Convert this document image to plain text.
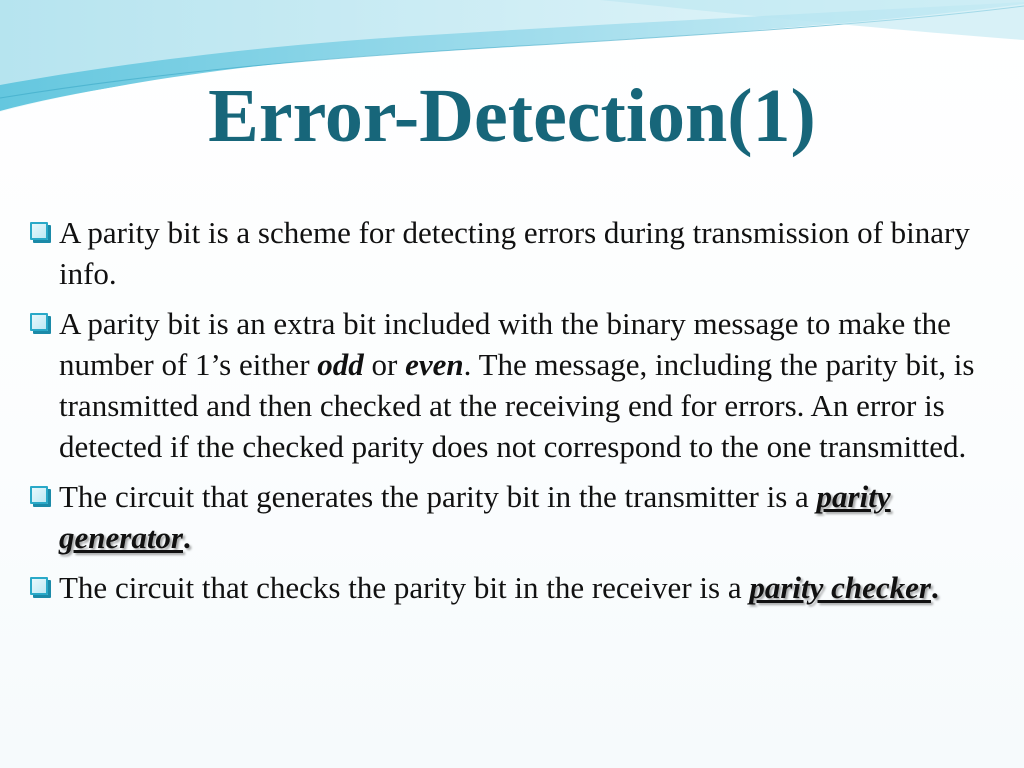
Error-Detection(1)
A parity bit is a scheme for detecting errors during transmission of binary info.
A parity bit is an extra bit included with the binary message to make the number of 1’s either odd or even. The message, including the parity bit, is transmitted and then checked at the receiving end for errors. An error is detected if the checked parity does not correspond to the one transmitted.
The circuit that generates the parity bit in the transmitter is a parity generator.
The circuit that checks the parity bit in the receiver is a parity checker.
